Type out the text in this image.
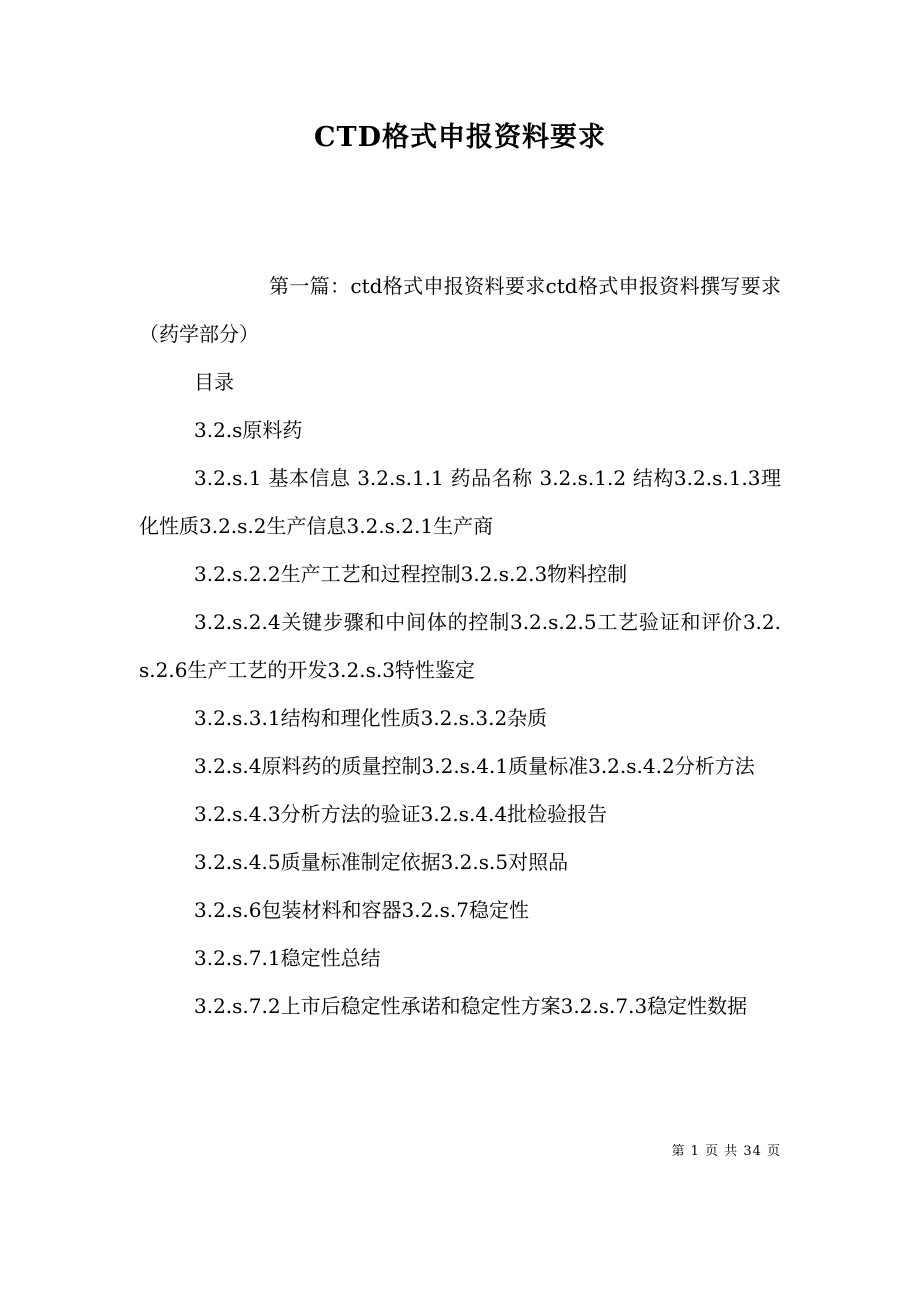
CTD格式申报资料要求

第一篇：ctd格式申报资料要求ctd格式申报资料撰写要求（药学部分）

目录

3.2.s原料药

3.2.s.1 基本信息 3.2.s.1.1 药品名称 3.2.s.1.2 结构3.2.s.1.3理化性质3.2.s.2生产信息3.2.s.2.1生产商

3.2.s.2.2生产工艺和过程控制3.2.s.2.3物料控制

3.2.s.2.4关键步骤和中间体的控制3.2.s.2.5工艺验证和评价3.2.s.2.6生产工艺的开发3.2.s.3特性鉴定

3.2.s.3.1结构和理化性质3.2.s.3.2杂质

3.2.s.4原料药的质量控制3.2.s.4.1质量标准3.2.s.4.2分析方法

3.2.s.4.3分析方法的验证3.2.s.4.4批检验报告

3.2.s.4.5质量标准制定依据3.2.s.5对照品

3.2.s.6包装材料和容器3.2.s.7稳定性

3.2.s.7.1稳定性总结

3.2.s.7.2上市后稳定性承诺和稳定性方案3.2.s.7.3稳定性数据

第 1 页 共 34 页
